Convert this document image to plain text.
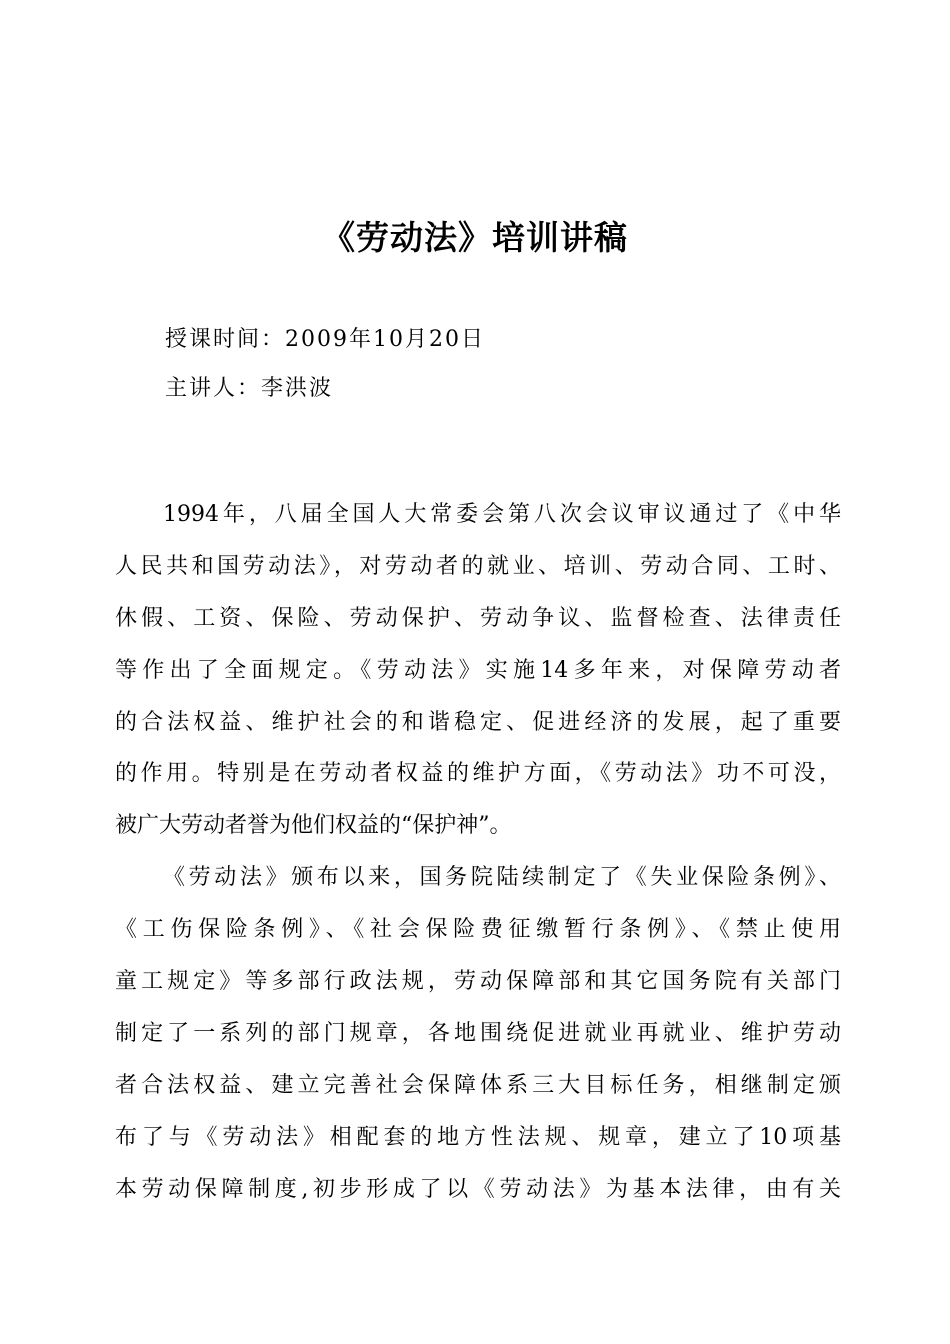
《劳动法》培训讲稿

授课时间：2009年10月20日

主讲人：李洪波

1994年，八届全国人大常委会第八次会议审议通过了《中华

人民共和国劳动法》，对劳动者的就业、培训、劳动合同、工时、

休假、工资、保险、劳动保护、劳动争议、监督检查、法律责任

等作出了全面规定。《劳动法》实施14多年来，对保障劳动者

的合法权益、维护社会的和谐稳定、促进经济的发展，起了重要

的作用。特别是在劳动者权益的维护方面，《劳动法》功不可没，

被广大劳动者誉为他们权益的“保护神”。

《劳动法》颁布以来，国务院陆续制定了《失业保险条例》、

《工伤保险条例》、《社会保险费征缴暂行条例》、《禁止使用

童工规定》等多部行政法规，劳动保障部和其它国务院有关部门

制定了一系列的部门规章，各地围绕促进就业再就业、维护劳动

者合法权益、建立完善社会保障体系三大目标任务，相继制定颁

布了与《劳动法》相配套的地方性法规、规章，建立了10项基

本劳动保障制度,初步形成了以《劳动法》为基本法律，由有关
